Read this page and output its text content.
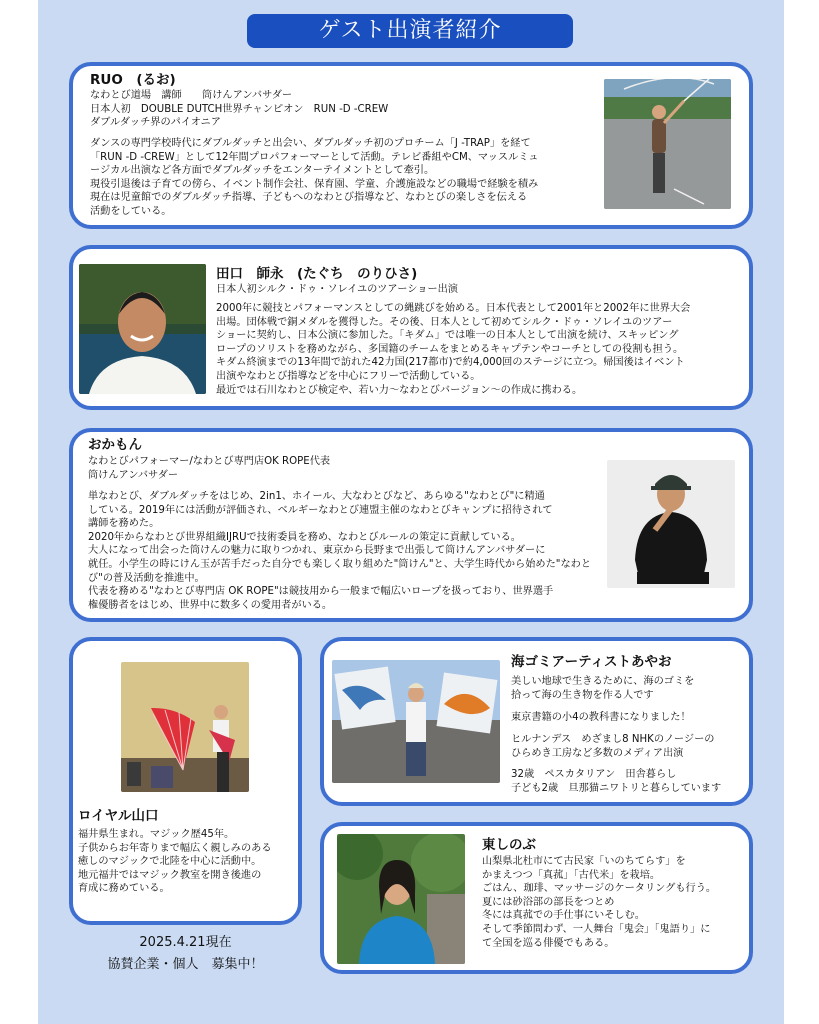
ゲスト出演者紹介
RUO　(るお)

なわとび道場　講師　　筒けんアンバサダー
日本人初　DOUBLE DUTCH世界チャンピオン　RUN -D -CREW
ダブルダッチ界のパイオニア

ダンスの専門学校時代にダブルダッチと出会い、ダブルダッチ初のプロチーム「J -TRAP」を経て
「RUN -D -CREW」として12年間プロパフォーマーとして活動。テレビ番組やCM、マッスルミュ
ージカル出演など各方面でダブルダッチをエンターテイメントとして牽引。
現役引退後は子育ての傍ら、イベント制作会社、保育園、学童、介護施設などの職場で経験を積み
現在は児童館でのダブルダッチ指導、子どもへのなわとび指導など、なわとびの楽しさを伝える
活動をしている。

田口　師永　(たぐち　のりひさ)

日本人初シルク・ドゥ・ソレイユのツアーショー出演

2000年に競技とパフォーマンスとしての縄跳びを始める。日本代表として2001年と2002年に世界大会
出場。団体戦で銅メダルを獲得した。その後、日本人として初めてシルク・ドゥ・ソレイユのツアー
ショーに契約し、日本公演に参加した。「キダム」では唯一の日本人として出演を続け、スキッピング
ロープのソリストを務めながら、多国籍のチームをまとめるキャプテンやコーチとしての役割も担う。
キダム終演までの13年間で訪れた42力国(217都市)で約4,000回のステージに立つ。帰国後はイベント
出演やなわとび指導などを中心にフリーで活動している。
最近では石川なわとび検定や、若い力〜なわとびバージョン〜の作成に携わる。

おかもん

なわとびパフォーマー/なわとび専門店OK ROPE代表
筒けんアンバサダー

単なわとび、ダブルダッチをはじめ、2in1、ホイール、大なわとびなど、あらゆる"なわとび"に精通
している。2019年には活動が評価され、ベルギーなわとび連盟主催のなわとびキャンプに招待されて
講師を務めた。
2020年からなわとび世界組織IJRUで技術委員を務め、なわとびルールの策定に貢献している。
大人になって出会った筒けんの魅力に取りつかれ、東京から長野まで出張して筒けんアンバサダーに
就任。小学生の時にけん玉が苦手だった自分でも楽しく取り組めた"筒けん"と、大学生時代から始めた"なわとび"の普及活動を推進中。
代表を務める"なわとび専門店 OK ROPE"は競技用から一般まで幅広いロープを扱っており、世界選手
権優勝者をはじめ、世界中に数多くの愛用者がいる。

ロイヤル山口

福井県生まれ。マジック歴45年。
子供からお年寄りまで幅広く親しみのある
癒しのマジックで北陸を中心に活動中。
地元福井ではマジック教室を開き後進の
育成に務めている。

海ゴミアーティストあやお

美しい地球で生きるために、海のゴミを
拾って海の生き物を作る人です

東京書籍の小4の教科書になりました！

ヒルナンデス　めざまし8 NHKのノージーの
ひらめき工房など多数のメディア出演

32歳　ペスカタリアン　田舎暮らし
子ども2歳　旦那猫ニワトリと暮らしています

東しのぶ

山梨県北杜市にて古民家「いのちてらす」を
かまえつつ「真菰」「古代米」を栽培。
ごはん、珈琲、マッサージのケータリングも行う。
夏には砂浴部の部長をつとめ
冬には真菰での手仕事にいそしむ。
そして季節問わず、一人舞台「鬼会」「鬼語り」に
て全国を巡る俳優でもある。

2025.4.21現在
協賛企業・個人　募集中！
